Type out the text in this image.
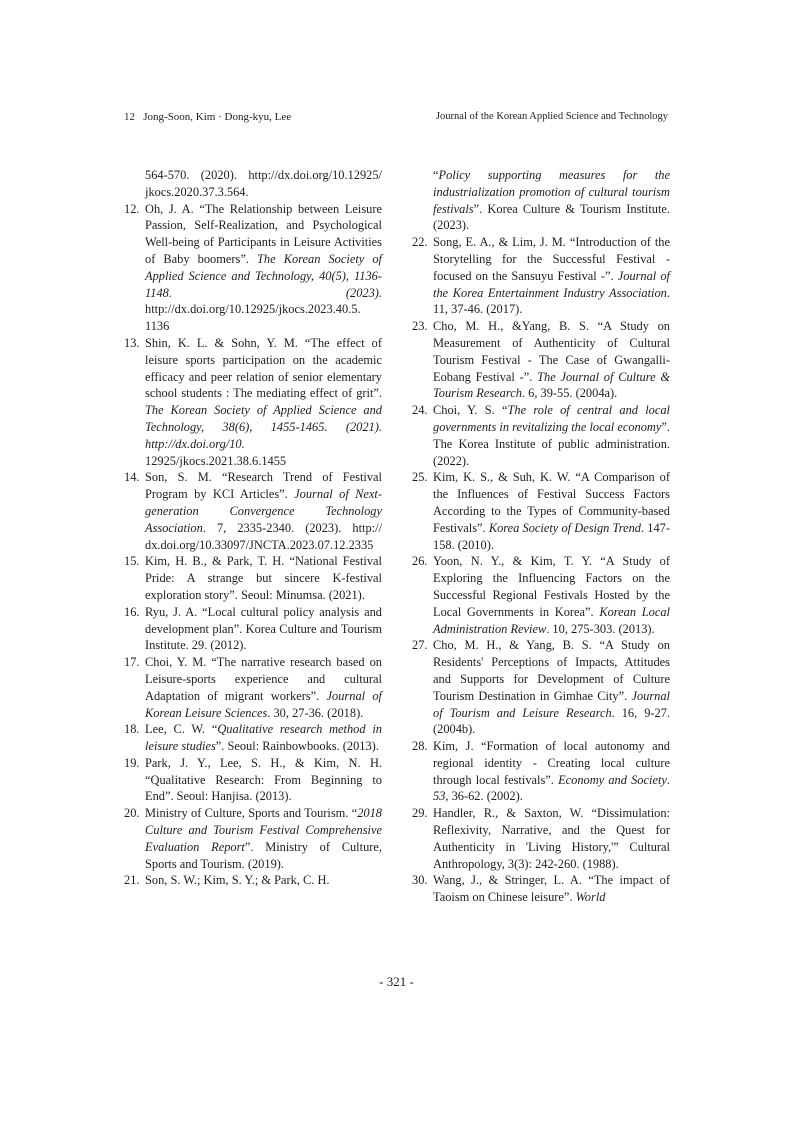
12 Jong-Soon, Kim · Dong-kyu, Lee	Journal of the Korean Applied Science and Technology
564-570. (2020). http://dx.doi.org/10.12925/ jkocs.2020.37.3.564.
12. Oh, J. A. “The Relationship between Leisure Passion, Self-Realization, and Psychological Well-being of Participants in Leisure Activities of Baby boomers”. The Korean Society of Applied Science and Technology, 40(5), 1136-1148. (2023). http://dx.doi.org/10.12925/jkocs.2023.40.5. 1136
13. Shin, K. L. & Sohn, Y. M. “The effect of leisure sports participation on the academic efficacy and peer relation of senior elementary school students : The mediating effect of grit”. The Korean Society of Applied Science and Technology, 38(6), 1455-1465. (2021). http://dx.doi.org/10. 12925/jkocs.2021.38.6.1455
14. Son, S. M. “Research Trend of Festival Program by KCI Articles”. Journal of Next-generation Convergence Technology Association. 7, 2335-2340. (2023). http:// dx.doi.org/10.33097/JNCTA.2023.07.12.2335
15. Kim, H. B., & Park, T. H. “National Festival Pride: A strange but sincere K-festival exploration story”. Seoul: Minumsa. (2021).
16. Ryu, J. A. “Local cultural policy analysis and development plan”. Korea Culture and Tourism Institute. 29. (2012).
17. Choi, Y. M. “The narrative research based on Leisure-sports experience and cultural Adaptation of migrant workers”. Journal of Korean Leisure Sciences. 30, 27-36. (2018).
18. Lee, C. W. “Qualitative research method in leisure studies”. Seoul: Rainbowbooks. (2013).
19. Park, J. Y., Lee, S. H., & Kim, N. H. “Qualitative Research: From Beginning to End”. Seoul: Hanjisa. (2013).
20. Ministry of Culture, Sports and Tourism. “2018 Culture and Tourism Festival Comprehensive Evaluation Report”. Ministry of Culture, Sports and Tourism. (2019).
21. Son, S. W.; Kim, S. Y.; & Park, C. H.
“Policy supporting measures for the industrialization promotion of cultural tourism festivals”. Korea Culture & Tourism Institute. (2023).
22. Song, E. A., & Lim, J. M. “Introduction of the Storytelling for the Successful Festival - focused on the Sansuyu Festival -”. Journal of the Korea Entertainment Industry Association. 11, 37-46. (2017).
23. Cho, M. H., &Yang, B. S. “A Study on Measurement of Authenticity of Cultural Tourism Festival - The Case of Gwangalli-Eobang Festival -”. The Journal of Culture & Tourism Research. 6, 39-55. (2004a).
24. Choi, Y. S. “The role of central and local governments in revitalizing the local economy”. The Korea Institute of public administration. (2022).
25. Kim, K. S., & Suh, K. W. “A Comparison of the Influences of Festival Success Factors According to the Types of Community-based Festivals”. Korea Society of Design Trend. 147-158. (2010).
26. Yoon, N. Y., & Kim, T. Y. “A Study of Exploring the Influencing Factors on the Successful Regional Festivals Hosted by the Local Governments in Korea”. Korean Local Administration Review. 10, 275-303. (2013).
27. Cho, M. H., & Yang, B. S. “A Study on Residents' Perceptions of Impacts, Attitudes and Supports for Development of Culture Tourism Destination in Gimhae City”. Journal of Tourism and Leisure Research. 16, 9-27. (2004b).
28. Kim, J. “Formation of local autonomy and regional identity - Creating local culture through local festivals”. Economy and Society. 53, 36-62. (2002).
29. Handler, R., & Saxton, W. “Dissimulation: Reflexivity, Narrative, and the Quest for Authenticity in 'Living History,'” Cultural Anthropology, 3(3): 242-260. (1988).
30. Wang, J., & Stringer, L. A. “The impact of Taoism on Chinese leisure”. World
- 321 -
